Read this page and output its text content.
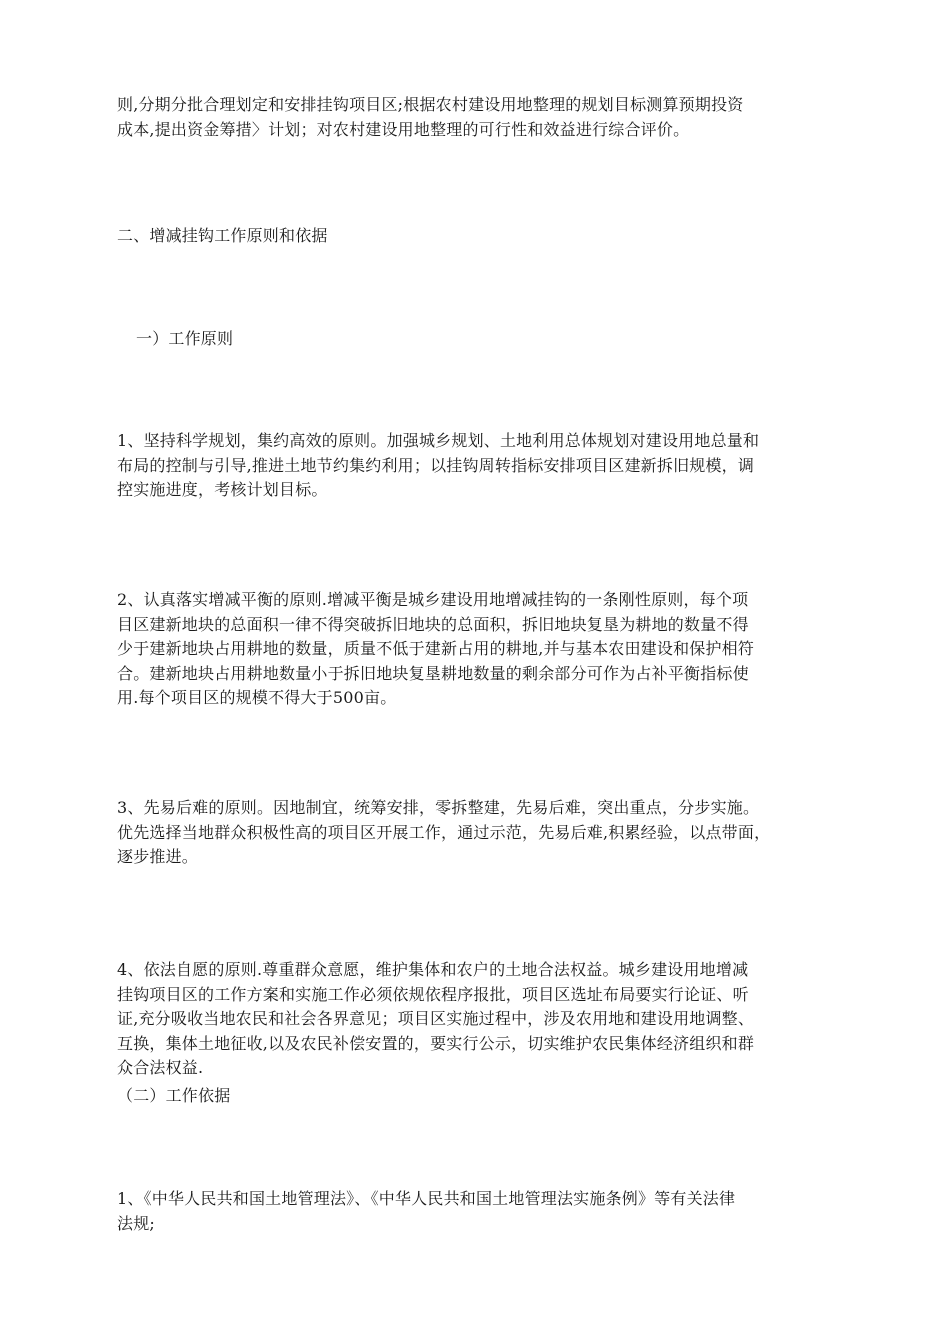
则,分期分批合理划定和安排挂钩项目区;根据农村建设用地整理的规划目标测算预期投资
成本,提出资金筹措〉计划；对农村建设用地整理的可行性和效益进行综合评价。
二、增减挂钩工作原则和依据
一）工作原则
1、坚持科学规划，集约高效的原则。加强城乡规划、土地利用总体规划对建设用地总量和
布局的控制与引导,推进土地节约集约利用；以挂钩周转指标安排项目区建新拆旧规模，调
控实施进度，考核计划目标。
2、认真落实增减平衡的原则.增减平衡是城乡建设用地增减挂钩的一条刚性原则，每个项
目区建新地块的总面积一律不得突破拆旧地块的总面积，拆旧地块复垦为耕地的数量不得
少于建新地块占用耕地的数量，质量不低于建新占用的耕地,并与基本农田建设和保护相符
合。建新地块占用耕地数量小于拆旧地块复垦耕地数量的剩余部分可作为占补平衡指标使
用.每个项目区的规模不得大于500亩。
3、先易后难的原则。因地制宜，统筹安排，零拆整建，先易后难，突出重点，分步实施。
优先选择当地群众积极性高的项目区开展工作，通过示范，先易后难,积累经验，以点带面，
逐步推进。
4、依法自愿的原则.尊重群众意愿，维护集体和农户的土地合法权益。城乡建设用地增减
挂钩项目区的工作方案和实施工作必须依规依程序报批，项目区选址布局要实行论证、听
证,充分吸收当地农民和社会各界意见；项目区实施过程中，涉及农用地和建设用地调整、
互换，集体土地征收,以及农民补偿安置的，要实行公示，切实维护农民集体经济组织和群
众合法权益.
（二）工作依据
1、《中华人民共和国土地管理法》、《中华人民共和国土地管理法实施条例》等有关法律
法规;
